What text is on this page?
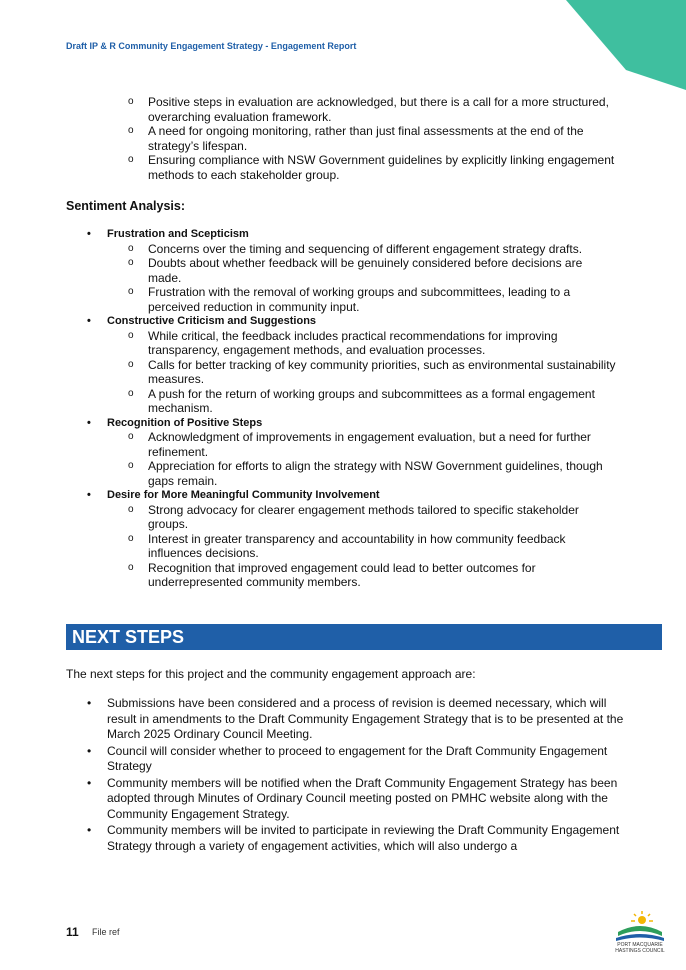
Draft IP & R Community Engagement Strategy - Engagement Report
o Positive steps in evaluation are acknowledged, but there is a call for a more structured, overarching evaluation framework.
o A need for ongoing monitoring, rather than just final assessments at the end of the strategy’s lifespan.
o Ensuring compliance with NSW Government guidelines by explicitly linking engagement methods to each stakeholder group.
Sentiment Analysis:
• Frustration and Scepticism
o Concerns over the timing and sequencing of different engagement strategy drafts.
o Doubts about whether feedback will be genuinely considered before decisions are made.
o Frustration with the removal of working groups and subcommittees, leading to a perceived reduction in community input.
• Constructive Criticism and Suggestions
o While critical, the feedback includes practical recommendations for improving transparency, engagement methods, and evaluation processes.
o Calls for better tracking of key community priorities, such as environmental sustainability measures.
o A push for the return of working groups and subcommittees as a formal engagement mechanism.
• Recognition of Positive Steps
o Acknowledgment of improvements in engagement evaluation, but a need for further refinement.
o Appreciation for efforts to align the strategy with NSW Government guidelines, though gaps remain.
• Desire for More Meaningful Community Involvement
o Strong advocacy for clearer engagement methods tailored to specific stakeholder groups.
o Interest in greater transparency and accountability in how community feedback influences decisions.
o Recognition that improved engagement could lead to better outcomes for underrepresented community members.
NEXT STEPS
The next steps for this project and the community engagement approach are:
• Submissions have been considered and a process of revision is deemed necessary, which will result in amendments to the Draft Community Engagement Strategy that is to be presented at the March 2025 Ordinary Council Meeting.
• Council will consider whether to proceed to engagement for the Draft Community Engagement Strategy
• Community members will be notified when the Draft Community Engagement Strategy has been adopted through Minutes of Ordinary Council meeting posted on PMHC website along with the Community Engagement Strategy.
• Community members will be invited to participate in reviewing the Draft Community Engagement Strategy through a variety of engagement activities, which will also undergo a
11 File ref
PORT MACQUARIE HASTINGS COUNCIL
